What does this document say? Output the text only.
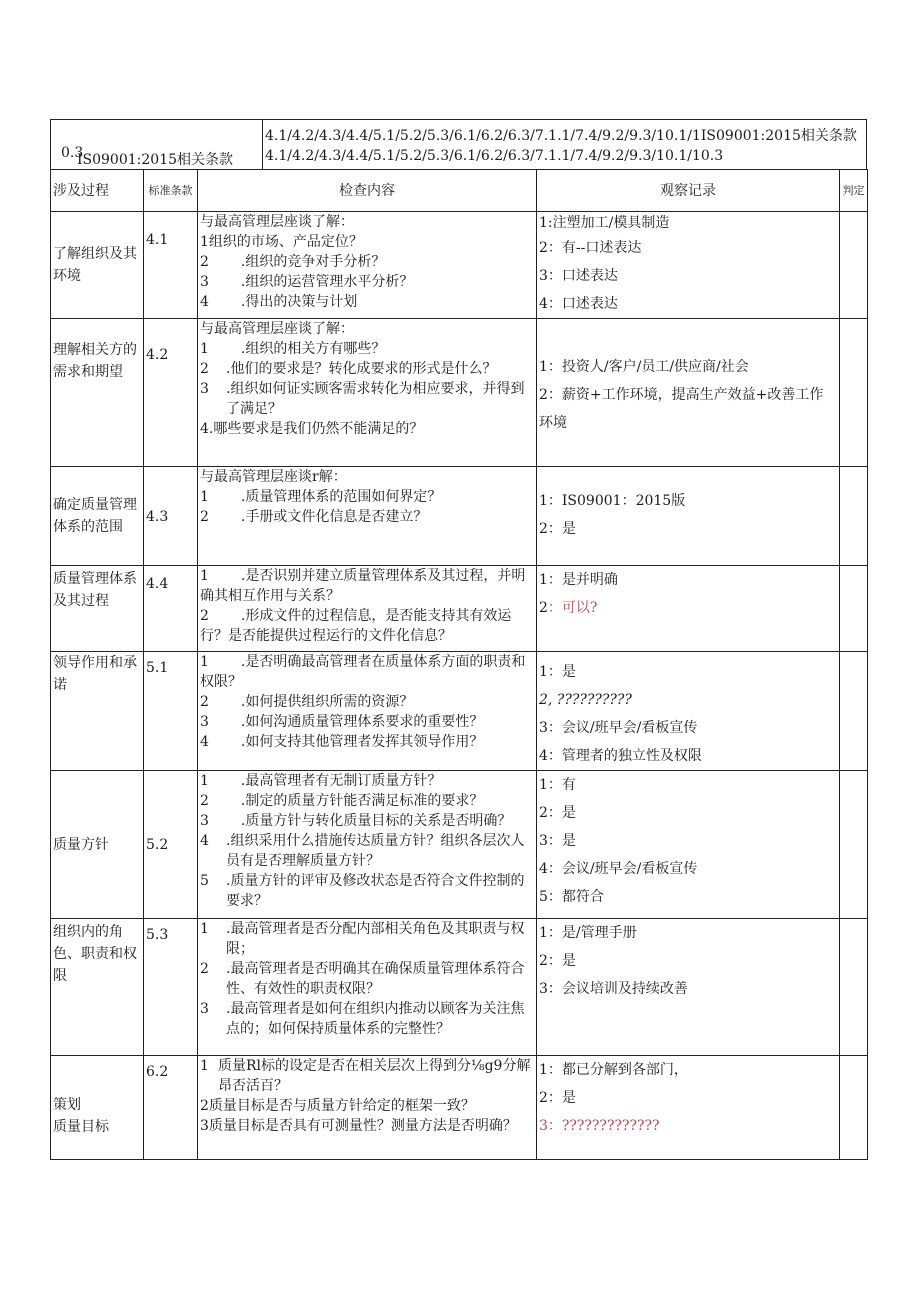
0.3
IS09001:2015相关条款
4.1/4.2/4.3/4.4/5.1/5.2/5.3/6.1/6.2/6.3/7.1.1/7.4/9.2/9.3/10.1/1IS09001:2015相关条款
4.1/4.2/4.3/4.4/5.1/5.2/5.3/6.1/6.2/6.3/7.1.1/7.4/9.2/9.3/10.1/10.3
涉及过程	标准条款	检查内容	观察记录	判定
了解组织及其环境	4.1	与最高管理层座谈了解：
1组织的市场、产品定位？
2 .组织的竞争对手分析？
3 .组织的运营管理水平分析？
4 .得出的决策与计划	1:注塑加工/模具制造
2：有--口述表达
3：口述表达
4：口述表达	

理解相关方的需求和期望	4.2	与最高管理层座谈了解：
1 .组织的相关方有哪些？
2 .他们的要求是？转化成要求的形式是什么？
3 .组织如何证实顾客需求转化为相应要求，并得到了满足？
4.哪些要求是我们仍然不能满足的？	1：投资人/客户/员工/供应商/社会
2：薪资+工作环境，提高生产效益+改善工作环境	

确定质量管理体系的范围	4.3	与最高管理层座谈r解：
1 .质量管理体系的范围如何界定？
2 .手册或文件化信息是否建立？	1：IS09001：2015版
2：是	

质量管理体系及其过程	4.4	1 .是否识别并建立质量管理体系及其过程，并明确其相互作用与关系？
2 .形成文件的过程信息，是否能支持其有效运行？是否能提供过程运行的文件化信息？	1：是并明确
2：可以?	

领导作用和承诺	5.1	1 .是否明确最高管理者在质量体系方面的职责和权限？
2 .如何提供组织所需的资源？
3 .如何沟通质量管理体系要求的重要性？
4 .如何支持其他管理者发挥其领导作用？	1：是
2, ??????????
3：会议/班早会/看板宣传
4：管理者的独立性及权限	

质量方针	5.2	1 .最高管理者有无制订质量方针？
2 .制定的质量方针能否满足标准的要求？
3 .质量方针与转化质量目标的关系是否明确？
4 .组织采用什么措施传达质量方针？组织各层次人员有是否理解质量方针？
5 .质量方针的评审及修改状态是否符合文件控制的要求？	1：有
2：是
3：是
4：会议/班早会/看板宣传
5：都符合	

组织内的角色、职责和权限	5.3	1 .最高管理者是否分配内部相关角色及其职责与权限；
2 .最高管理者是否明确其在确保质量管理体系符合性、有效性的职责权限？
3 .最高管理者是如何在组织内推动以顾客为关注焦点的；如何保持质量体系的完整性？	1：是/管理手册
2：是
3：会议培训及持续改善	

策划
质量目标	6.2	1 质量Rl标的设定是否在相关层次上得到分⅛g9分解昂否活百？
2质量目标是否与质量方针给定的框架一致？
3质量目标是否具有可测量性？测量方法是否明确？	1：都已分解到各部门，
2：是
3：?????????????	
